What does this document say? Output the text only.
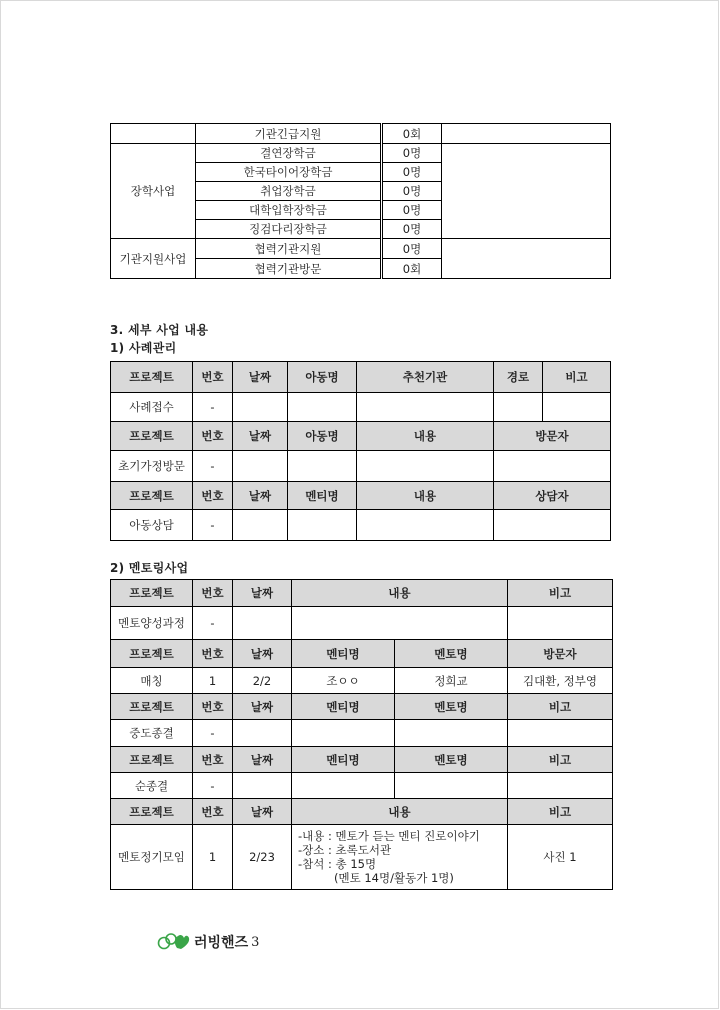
	기관긴급지원	0회	
장학사업	결연장학금	0명	
	한국타이어장학금	0명	
	취업장학금	0명	
	대학입학장학금	0명	
	징검다리장학금	0명	
기관지원사업	협력기관지원	0명	
	협력기관방문	0회	
3. 세부 사업 내용
1) 사례관리
프로젝트	번호	날짜	아동명	추천기관	경로	비고
사례접수	-					
프로젝트	번호	날짜	아동명	내용	방문자	
초기가정방문	-					
프로젝트	번호	날짜	멘티명	내용	상담자	
아동상담	-					
2) 멘토링사업
프로젝트	번호	날짜	내용		비고
멘토양성과정	-				
프로젝트	번호	날짜	멘티명	멘토명	방문자
매칭	1	2/2	조ㅇㅇ	정희교	김대환, 정부영
프로젝트	번호	날짜	멘티명	멘토명	비고
중도종결	-				
프로젝트	번호	날짜	멘티명	멘토명	비고
순종결	-				
프로젝트	번호	날짜	내용		비고
멘토정기모임	1	2/23	-내용 : 멘토가 듣는 멘티 진로이야기
-장소 : 초록도서관
-참석 : 총 15명
(멘토 14명/활동가 1명)		사진 1
러빙핸즈 3
